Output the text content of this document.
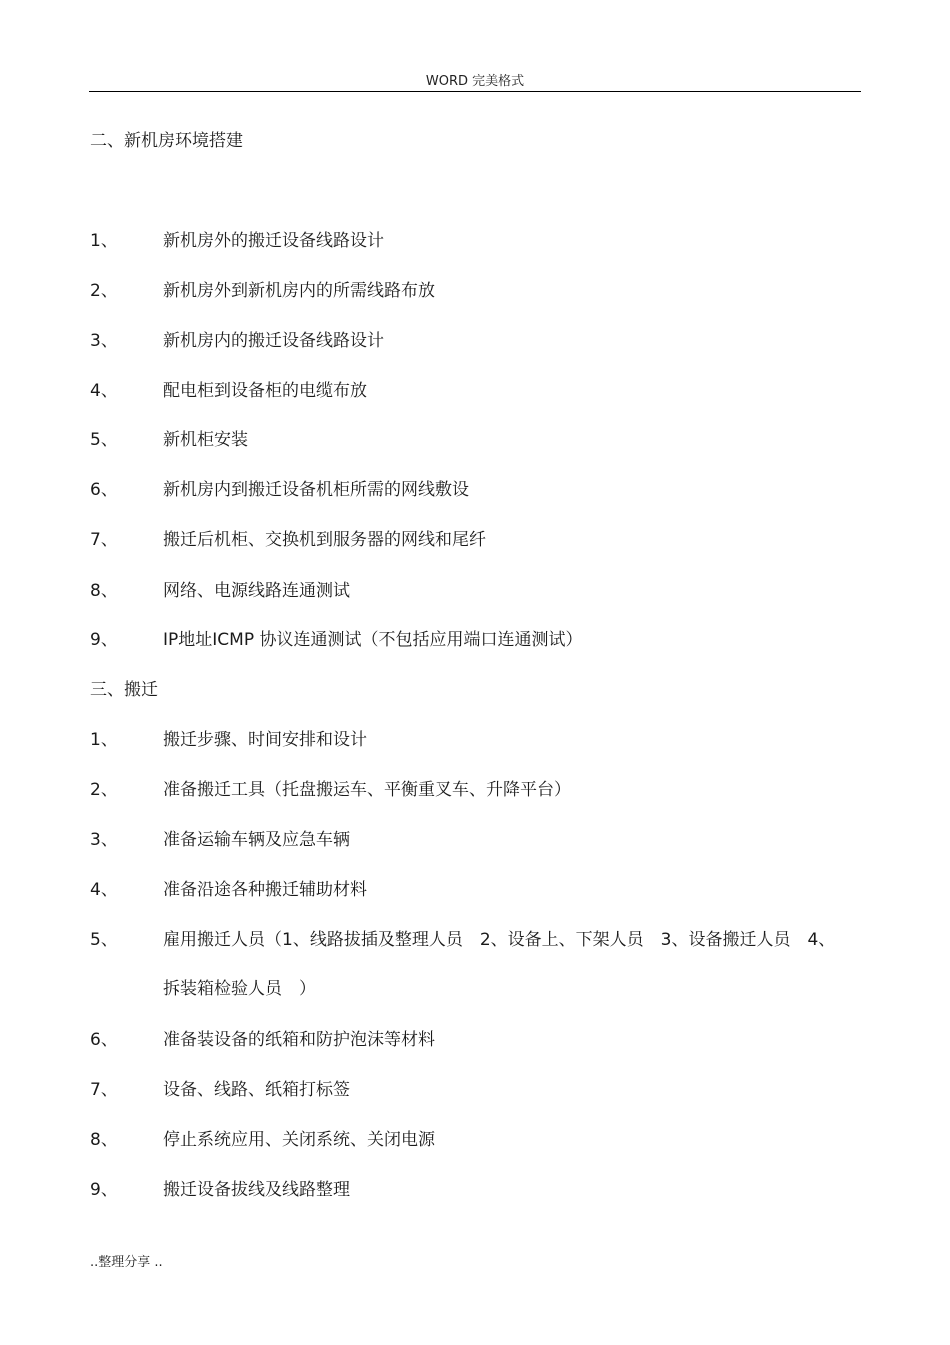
WORD 完美格式
二、新机房环境搭建
1、	新机房外的搬迁设备线路设计
2、	新机房外到新机房内的所需线路布放
3、	新机房内的搬迁设备线路设计
4、	配电柜到设备柜的电缆布放
5、	新机柜安装
6、	新机房内到搬迁设备机柜所需的网线敷设
7、	搬迁后机柜、交换机到服务器的网线和尾纤
8、	网络、电源线路连通测试
9、	IP地址ICMP 协议连通测试（不包括应用端口连通测试）
三、搬迁
1、	搬迁步骤、时间安排和设计
2、	准备搬迁工具（托盘搬运车、平衡重叉车、升降平台）
3、	准备运输车辆及应急车辆
4、	准备沿途各种搬迁辅助材料
5、	雇用搬迁人员（1、线路拔插及整理人员　2、设备上、下架人员　3、设备搬迁人员　4、
拆装箱检验人员　）
6、	准备装设备的纸箱和防护泡沫等材料
7、	设备、线路、纸箱打标签
8、	停止系统应用、关闭系统、关闭电源
9、	搬迁设备拔线及线路整理
..整理分享 ..
